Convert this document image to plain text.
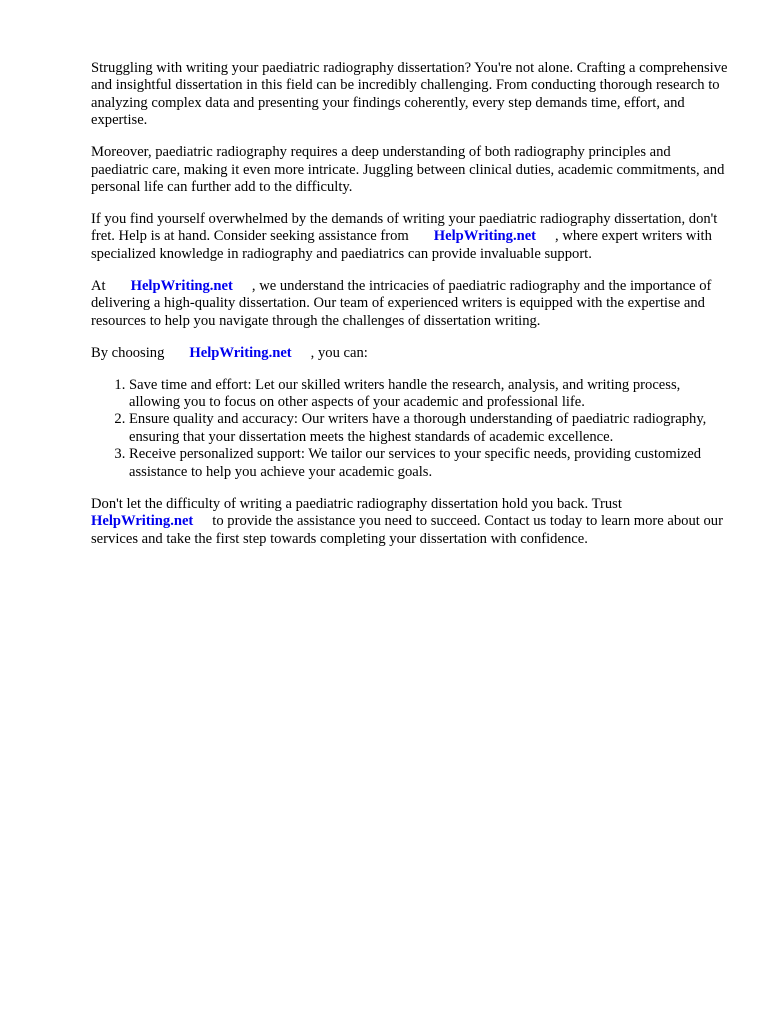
Struggling with writing your paediatric radiography dissertation? You're not alone. Crafting a comprehensive and insightful dissertation in this field can be incredibly challenging. From conducting thorough research to analyzing complex data and presenting your findings coherently, every step demands time, effort, and expertise.

Moreover, paediatric radiography requires a deep understanding of both radiography principles and paediatric care, making it even more intricate. Juggling between clinical duties, academic commitments, and personal life can further add to the difficulty.

If you find yourself overwhelmed by the demands of writing your paediatric radiography dissertation, don't fret. Help is at hand. Consider seeking assistance from HelpWriting.net , where expert writers with specialized knowledge in radiography and paediatrics can provide invaluable support.

At HelpWriting.net , we understand the intricacies of paediatric radiography and the importance of delivering a high-quality dissertation. Our team of experienced writers is equipped with the expertise and resources to help you navigate through the challenges of dissertation writing.

By choosing HelpWriting.net , you can:

1. Save time and effort: Let our skilled writers handle the research, analysis, and writing process, allowing you to focus on other aspects of your academic and professional life.
2. Ensure quality and accuracy: Our writers have a thorough understanding of paediatric radiography, ensuring that your dissertation meets the highest standards of academic excellence.
3. Receive personalized support: We tailor our services to your specific needs, providing customized assistance to help you achieve your academic goals.

Don't let the difficulty of writing a paediatric radiography dissertation hold you back. Trust
HelpWriting.net to provide the assistance you need to succeed. Contact us today to learn more about our services and take the first step towards completing your dissertation with confidence.
